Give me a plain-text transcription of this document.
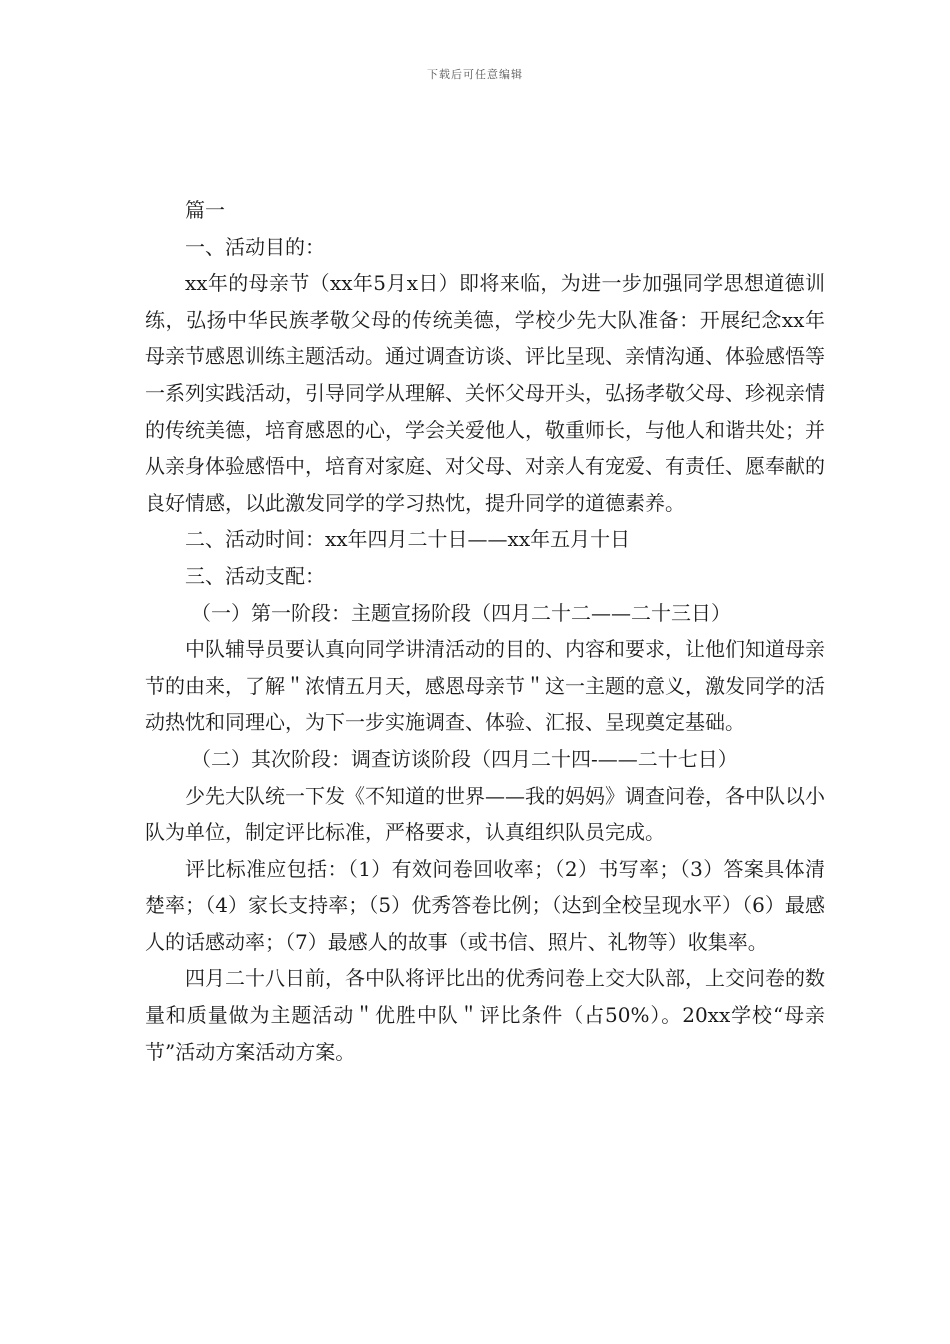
下载后可任意编辑

篇一

一、活动目的：

xx年的母亲节（xx年5月x日）即将来临，为进一步加强同学思想道德训练，弘扬中华民族孝敬父母的传统美德，学校少先大队准备：开展纪念xx年母亲节感恩训练主题活动。通过调查访谈、评比呈现、亲情沟通、体验感悟等一系列实践活动，引导同学从理解、关怀父母开头，弘扬孝敬父母、珍视亲情的传统美德，培育感恩的心，学会关爱他人，敬重师长，与他人和谐共处；并从亲身体验感悟中，培育对家庭、对父母、对亲人有宠爱、有责任、愿奉献的良好情感，以此激发同学的学习热忱，提升同学的道德素养。

二、活动时间：xx年四月二十日——xx年五月十日

三、活动支配：

（一）第一阶段：主题宣扬阶段（四月二十二——二十三日）

中队辅导员要认真向同学讲清活动的目的、内容和要求，让他们知道母亲节的由来，了解＂浓情五月天，感恩母亲节＂这一主题的意义，激发同学的活动热忱和同理心，为下一步实施调查、体验、汇报、呈现奠定基础。

（二）其次阶段：调查访谈阶段（四月二十四-——二十七日）

少先大队统一下发《不知道的世界——我的妈妈》调查问卷，各中队以小队为单位，制定评比标准，严格要求，认真组织队员完成。

评比标准应包括：（1）有效问卷回收率；（2）书写率；（3）答案具体清楚率；（4）家长支持率；（5）优秀答卷比例；（达到全校呈现水平）（6）最感人的话感动率；（7）最感人的故事（或书信、照片、礼物等）收集率。

四月二十八日前，各中队将评比出的优秀问卷上交大队部，上交问卷的数量和质量做为主题活动＂优胜中队＂评比条件（占50%）。20xx学校“母亲节”活动方案活动方案。
